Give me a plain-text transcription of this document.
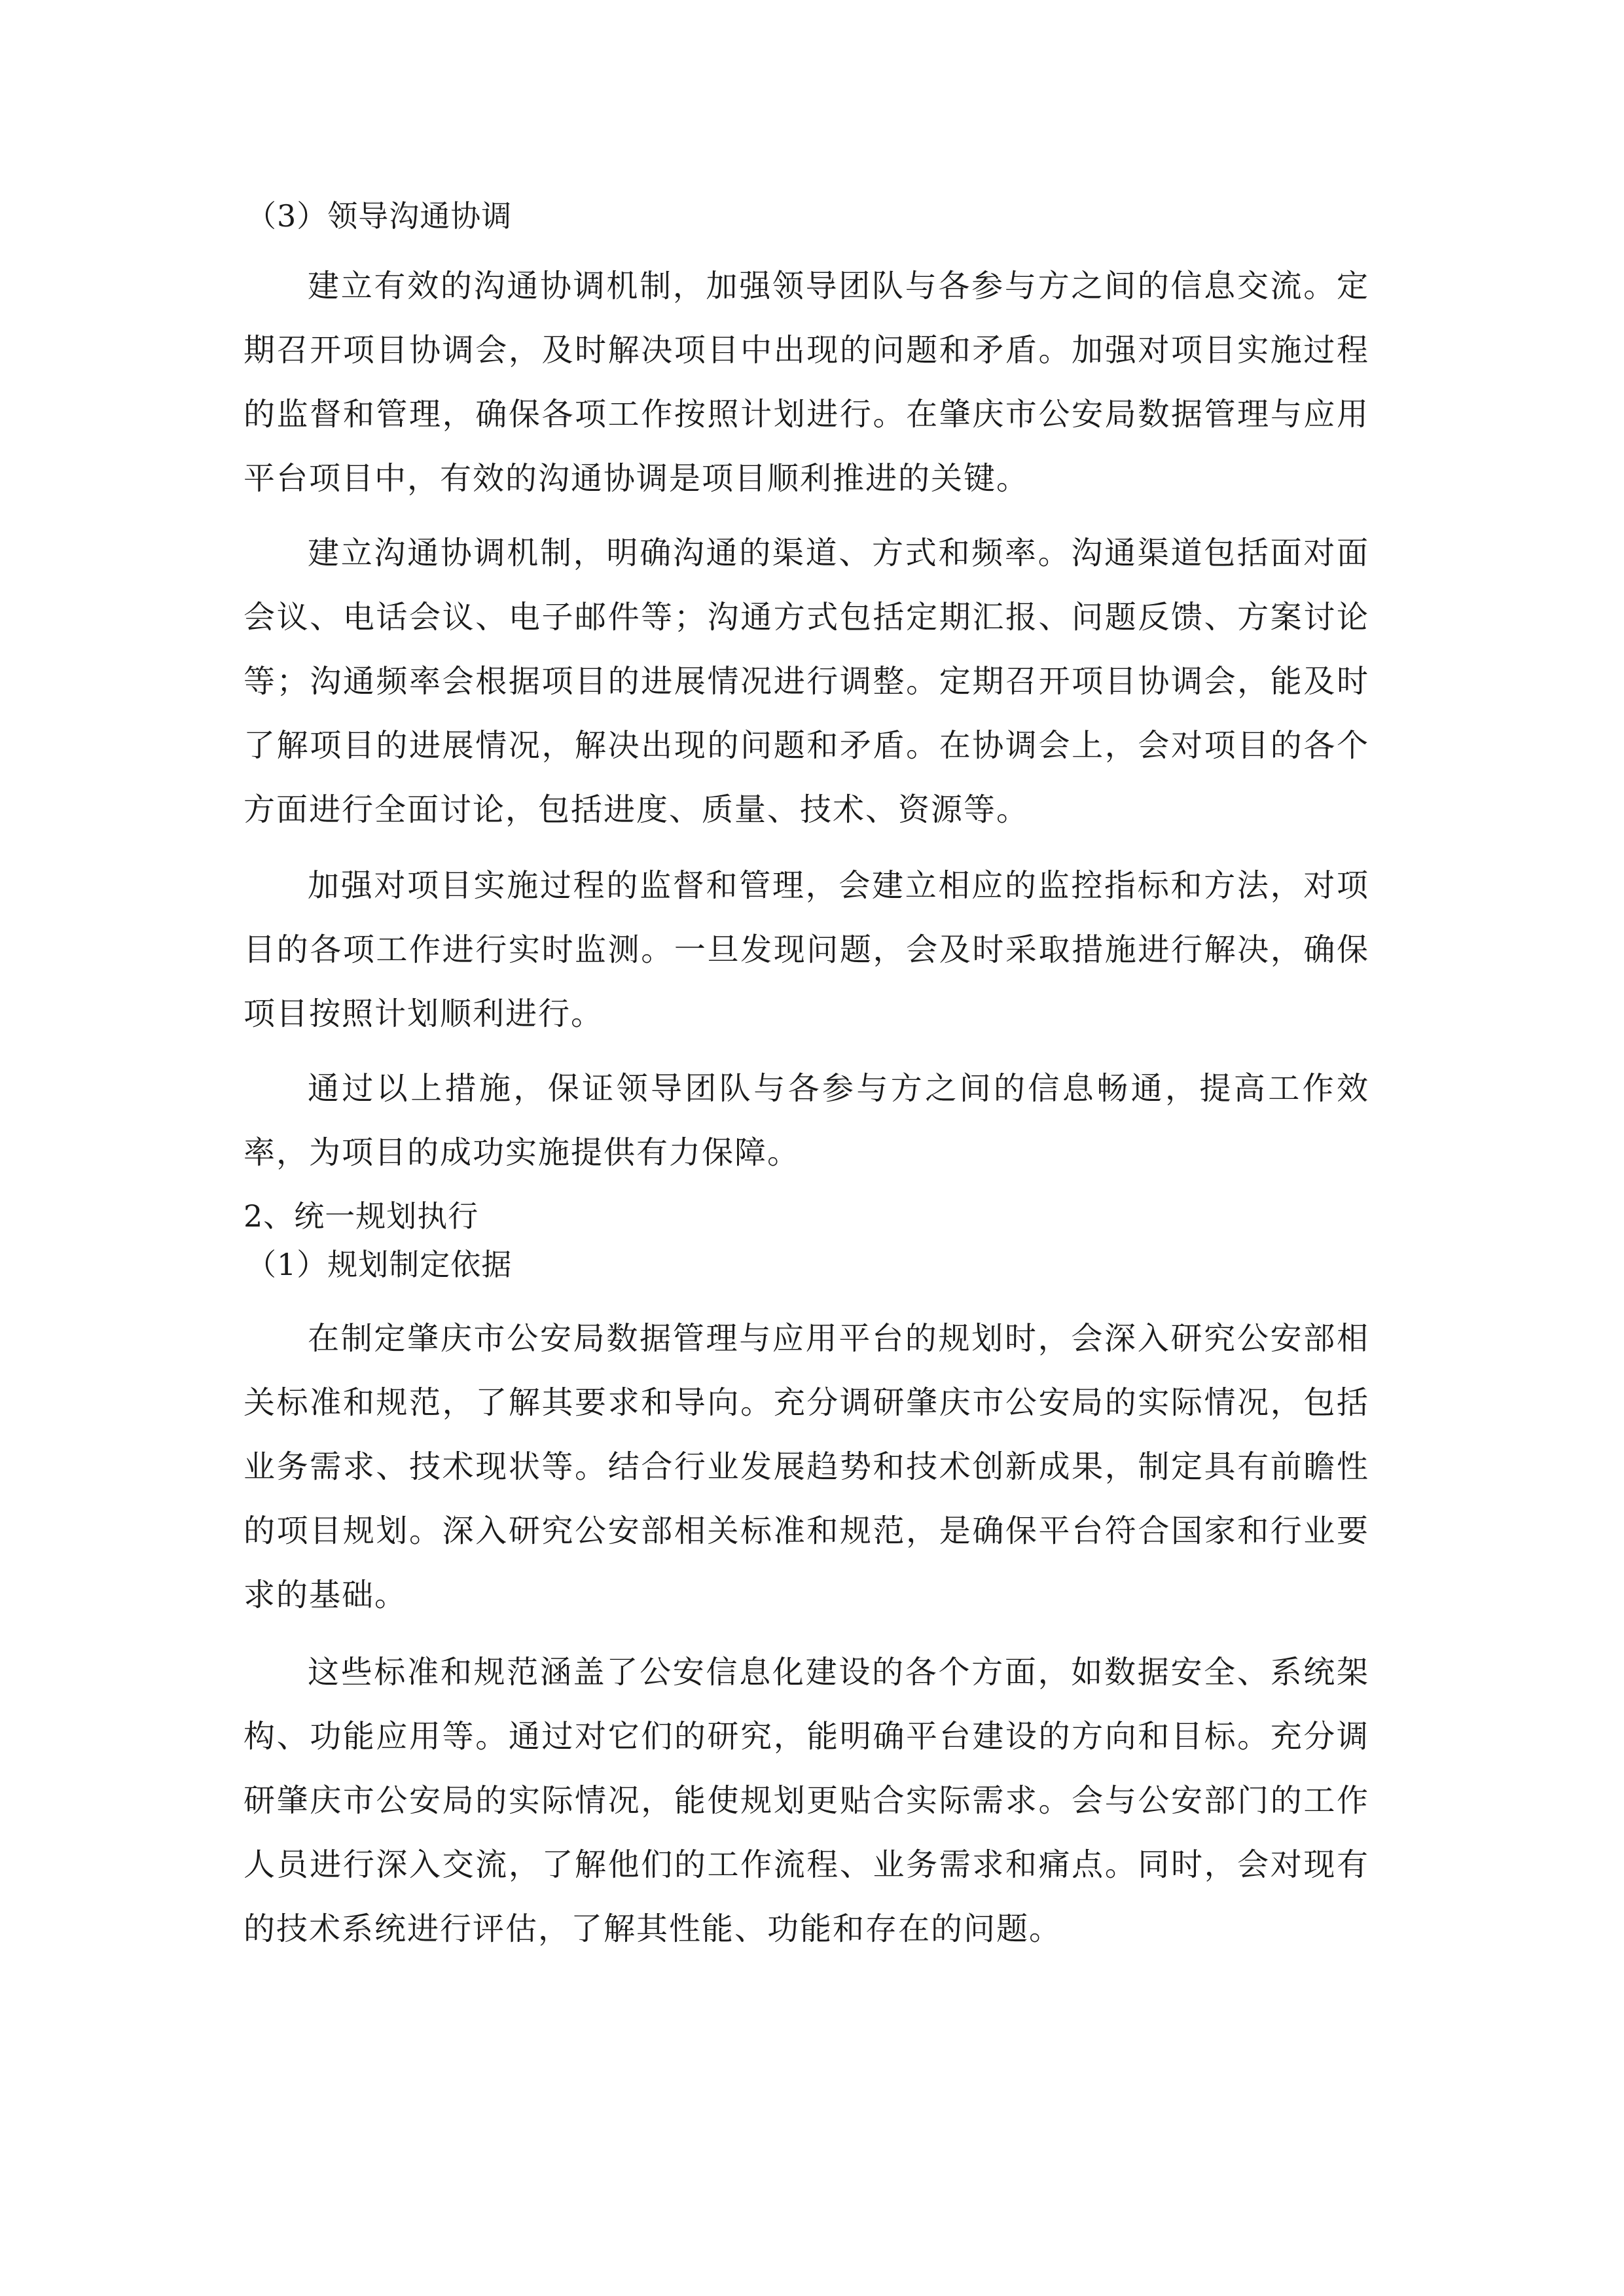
（3）领导沟通协调

建立有效的沟通协调机制，加强领导团队与各参与方之间的信息交流。定期召开项目协调会，及时解决项目中出现的问题和矛盾。加强对项目实施过程的监督和管理，确保各项工作按照计划进行。在肇庆市公安局数据管理与应用平台项目中，有效的沟通协调是项目顺利推进的关键。

建立沟通协调机制，明确沟通的渠道、方式和频率。沟通渠道包括面对面会议、电话会议、电子邮件等；沟通方式包括定期汇报、问题反馈、方案讨论等；沟通频率会根据项目的进展情况进行调整。定期召开项目协调会，能及时了解项目的进展情况，解决出现的问题和矛盾。在协调会上，会对项目的各个方面进行全面讨论，包括进度、质量、技术、资源等。

加强对项目实施过程的监督和管理，会建立相应的监控指标和方法，对项目的各项工作进行实时监测。一旦发现问题，会及时采取措施进行解决，确保项目按照计划顺利进行。

通过以上措施，保证领导团队与各参与方之间的信息畅通，提高工作效率，为项目的成功实施提供有力保障。

2、统一规划执行

（1）规划制定依据

在制定肇庆市公安局数据管理与应用平台的规划时，会深入研究公安部相关标准和规范，了解其要求和导向。充分调研肇庆市公安局的实际情况，包括业务需求、技术现状等。结合行业发展趋势和技术创新成果，制定具有前瞻性的项目规划。深入研究公安部相关标准和规范，是确保平台符合国家和行业要求的基础。

这些标准和规范涵盖了公安信息化建设的各个方面，如数据安全、系统架构、功能应用等。通过对它们的研究，能明确平台建设的方向和目标。充分调研肇庆市公安局的实际情况，能使规划更贴合实际需求。会与公安部门的工作人员进行深入交流，了解他们的工作流程、业务需求和痛点。同时，会对现有的技术系统进行评估，了解其性能、功能和存在的问题。
